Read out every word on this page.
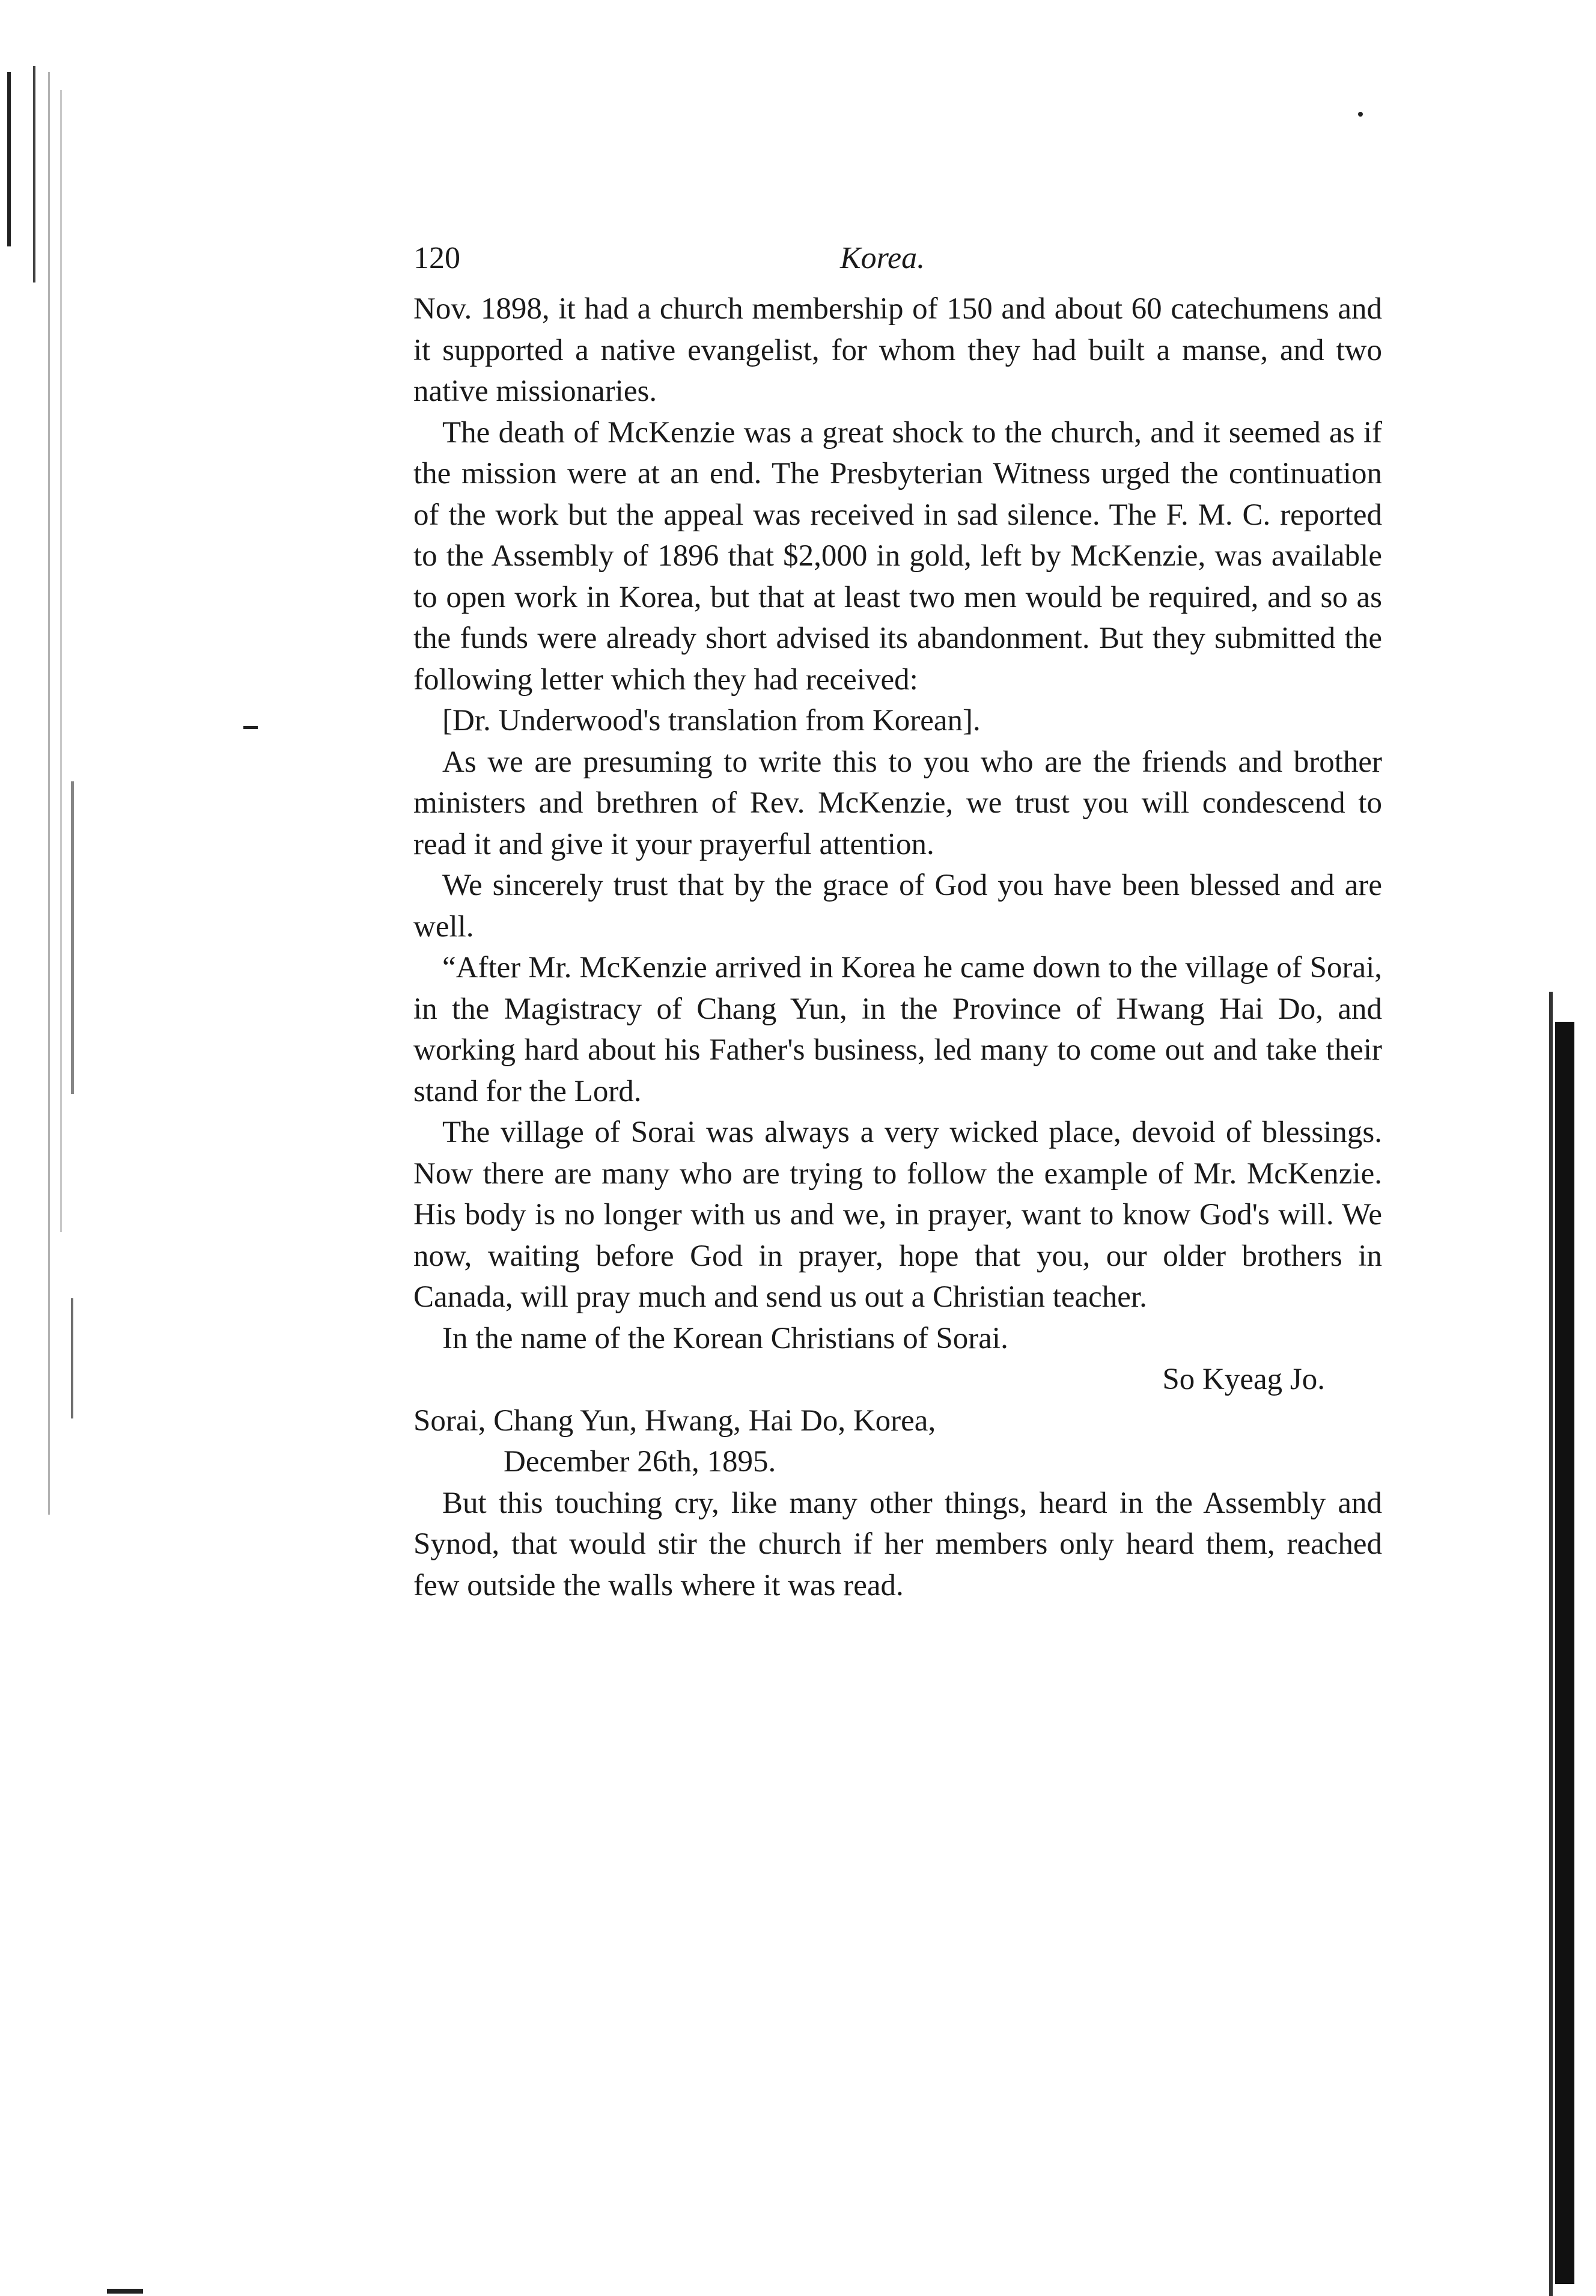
120	Korea.

Nov. 1898, it had a church membership of 150 and about 60 catechumens and it supported a native evangelist, for whom they had built a manse, and two native missionaries.

The death of McKenzie was a great shock to the church, and it seemed as if the mission were at an end. The Presbyterian Witness urged the continuation of the work but the appeal was received in sad silence. The F. M. C. reported to the Assembly of 1896 that $2,000 in gold, left by McKenzie, was available to open work in Korea, but that at least two men would be required, and so as the funds were already short advised its abandonment. But they submitted the following letter which they had received:

[Dr. Underwood's translation from Korean].

As we are presuming to write this to you who are the friends and brother ministers and brethren of Rev. McKenzie, we trust you will condescend to read it and give it your prayerful attention.

We sincerely trust that by the grace of God you have been blessed and are well.

“After Mr. McKenzie arrived in Korea he came down to the village of Sorai, in the Magistracy of Chang Yun, in the Province of Hwang Hai Do, and working hard about his Father's business, led many to come out and take their stand for the Lord.

The village of Sorai was always a very wicked place, devoid of blessings. Now there are many who are trying to follow the example of Mr. McKenzie. His body is no longer with us and we, in prayer, want to know God's will. We now, waiting before God in prayer, hope that you, our older brothers in Canada, will pray much and send us out a Christian teacher.

In the name of the Korean Christians of Sorai.

So Kyeag Jo.

Sorai, Chang Yun, Hwang, Hai Do, Korea,

December 26th, 1895.

But this touching cry, like many other things, heard in the Assembly and Synod, that would stir the church if her members only heard them, reached few outside the walls where it was read.
